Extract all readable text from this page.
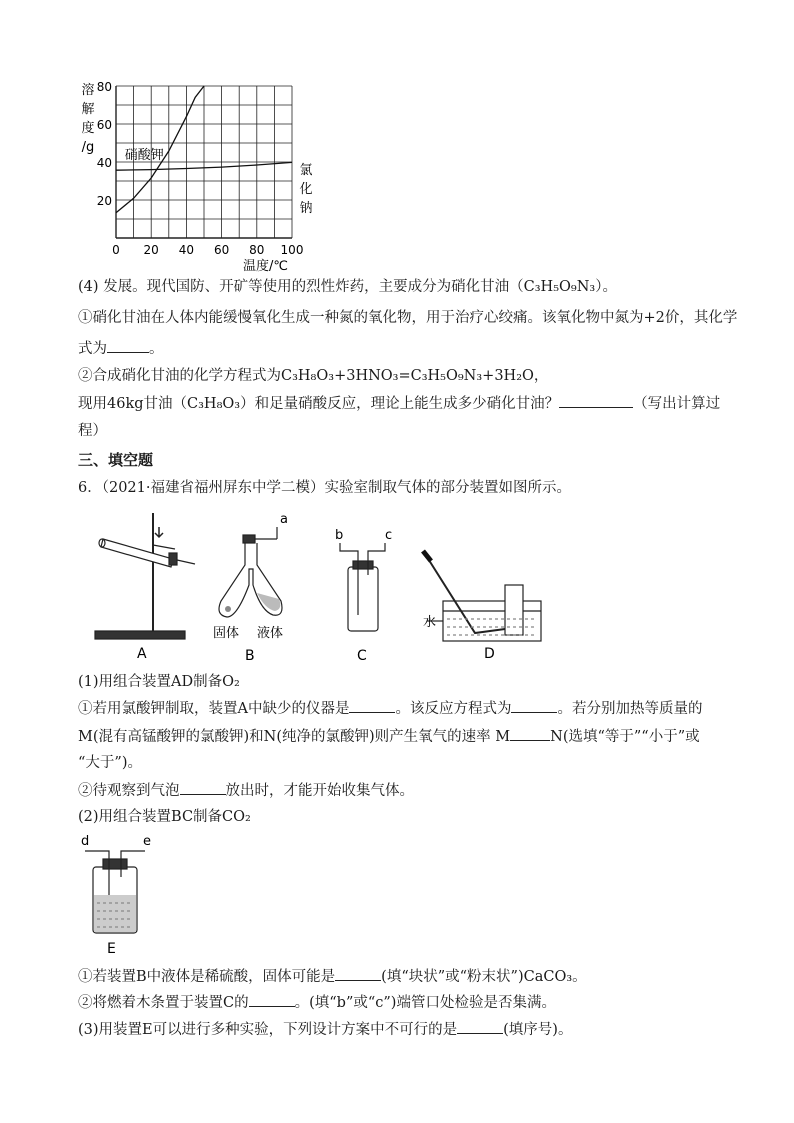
20
40
60
80
0 20 40 60 80 100
溶
解
度
/g
温度/℃
硝酸钾
氯
化
钠
(4) 发展。现代国防、开矿等使用的烈性炸药，主要成分为硝化甘油（C₃H₅O₉N₃）。
①硝化甘油在人体内能缓慢氧化生成一种氮的氧化物，用于治疗心绞痛。该氧化物中氮为+2价，其化学
式为	。
②合成硝化甘油的化学方程式为C₃H₈O₃+3HNO₃=C₃H₅O₉N₃+3H₂O，
现用46kg甘油（C₃H₈O₃）和足量硝酸反应，理论上能生成多少硝化甘油？	（写出计算过
程）
三、填空题
6．（2021·福建省福州屏东中学二模）实验室制取气体的部分装置如图所示。
A
a
固体 液体
B
b	c
C
水
D
(1)用组合装置AD制备O₂
①若用氯酸钾制取，装置A中缺少的仪器是	。该反应方程式为	。若分别加热等质量的
M(混有高锰酸钾的氯酸钾)和N(纯净的氯酸钾)则产生氧气的速率 M	N(选填“等于”“小于”或
“大于”)。
②待观察到气泡	放出时，才能开始收集气体。
(2)用组合装置BC制备CO₂
d	e
E
①若装置B中液体是稀硫酸，固体可能是	(填“块状”或“粉末状”)CaCO₃。
②将燃着木条置于装置C的	。(填“b”或“c”)端管口处检验是否集满。
(3)用装置E可以进行多种实验，下列设计方案中不可行的是	(填序号)。
